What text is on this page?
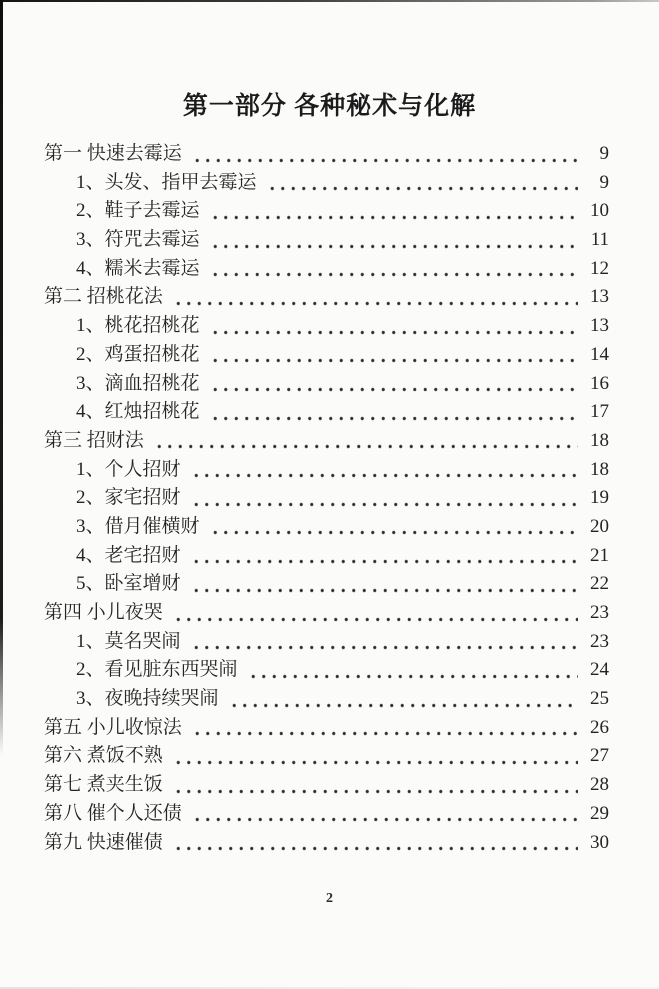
第一部分 各种秘术与化解
第一 快速去霉运	9
1、头发、指甲去霉运	9
2、鞋子去霉运	10
3、符咒去霉运	11
4、糯米去霉运	12
第二 招桃花法	13
1、桃花招桃花	13
2、鸡蛋招桃花	14
3、滴血招桃花	16
4、红烛招桃花	17
第三 招财法	18
1、个人招财	18
2、家宅招财	19
3、借月催横财	20
4、老宅招财	21
5、卧室增财	22
第四 小儿夜哭	23
1、莫名哭闹	23
2、看见脏东西哭闹	24
3、夜晚持续哭闹	25
第五 小儿收惊法	26
第六 煮饭不熟	27
第七 煮夹生饭	28
第八 催个人还债	29
第九 快速催债	30
2
